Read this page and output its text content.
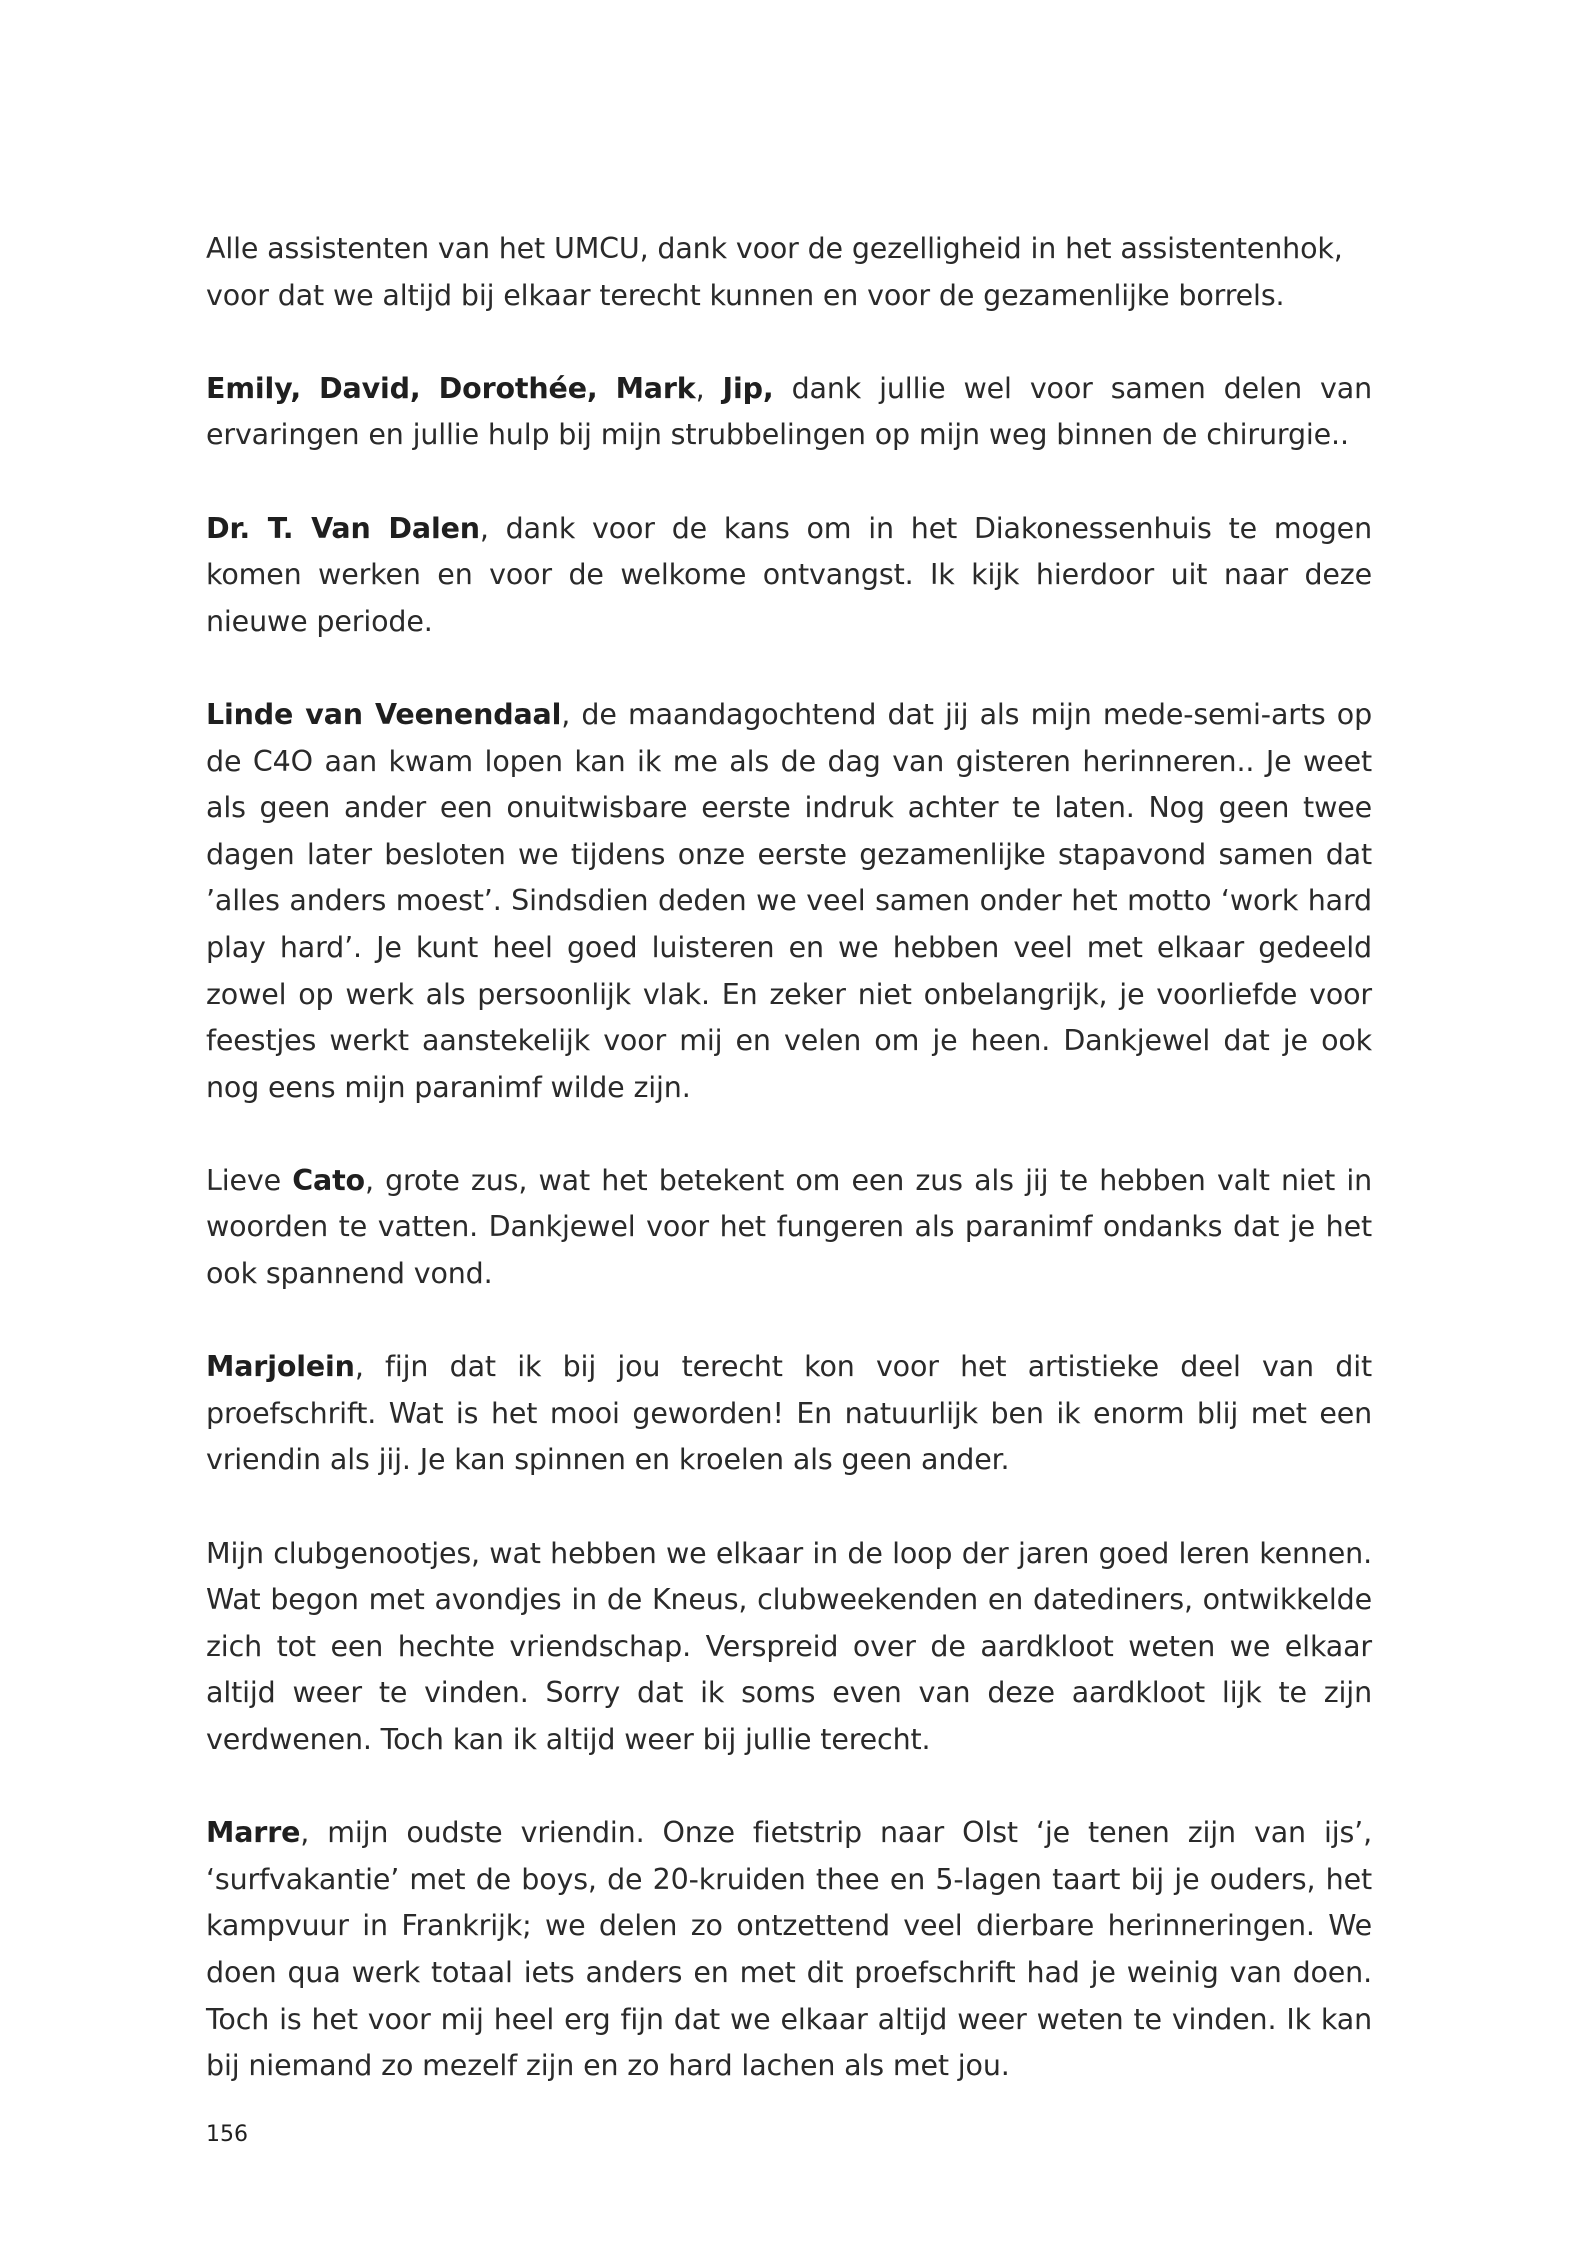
Alle assistenten van het UMCU, dank voor de gezelligheid in het assistentenhok, voor dat we altijd bij elkaar terecht kunnen en voor de gezamenlijke borrels.

Emily, David, Dorothée, Mark, Jip, dank jullie wel voor samen delen van ervaringen en jullie hulp bij mijn strubbelingen op mijn weg binnen de chirurgie..

Dr. T. Van Dalen, dank voor de kans om in het Diakonessenhuis te mogen komen werken en voor de welkome ontvangst. Ik kijk hierdoor uit naar deze nieuwe periode.

Linde van Veenendaal, de maandagochtend dat jij als mijn mede-semi-arts op de C4O aan kwam lopen kan ik me als de dag van gisteren herinneren.. Je weet als geen ander een onuitwisbare eerste indruk achter te laten. Nog geen twee dagen later besloten we tijdens onze eerste gezamenlijke stapavond samen dat ’alles anders moest’. Sindsdien deden we veel samen onder het motto ‘work hard play hard’. Je kunt heel goed luisteren en we hebben veel met elkaar gedeeld zowel op werk als persoonlijk vlak. En zeker niet onbelangrijk, je voorliefde voor feestjes werkt aanstekelijk voor mij en velen om je heen. Dankjewel dat je ook nog eens mijn paranimf wilde zijn.

Lieve Cato, grote zus, wat het betekent om een zus als jij te hebben valt niet in woorden te vatten. Dankjewel voor het fungeren als paranimf ondanks dat je het ook spannend vond.

Marjolein, fijn dat ik bij jou terecht kon voor het artistieke deel van dit proefschrift. Wat is het mooi geworden! En natuurlijk ben ik enorm blij met een vriendin als jij. Je kan spinnen en kroelen als geen ander.

Mijn clubgenootjes, wat hebben we elkaar in de loop der jaren goed leren kennen. Wat begon met avondjes in de Kneus, clubweekenden en datediners, ontwikkelde zich tot een hechte vriendschap. Verspreid over de aardkloot weten we elkaar altijd weer te vinden. Sorry dat ik soms even van deze aardkloot lijk te zijn verdwenen. Toch kan ik altijd weer bij jullie terecht.

Marre, mijn oudste vriendin. Onze fietstrip naar Olst ‘je tenen zijn van ijs’, ‘surfvakantie’ met de boys, de 20-kruiden thee en 5-lagen taart bij je ouders, het kampvuur in Frankrijk; we delen zo ontzettend veel dierbare herinneringen. We doen qua werk totaal iets anders en met dit proefschrift had je weinig van doen. Toch is het voor mij heel erg fijn dat we elkaar altijd weer weten te vinden. Ik kan bij niemand zo mezelf zijn en zo hard lachen als met jou.

156
